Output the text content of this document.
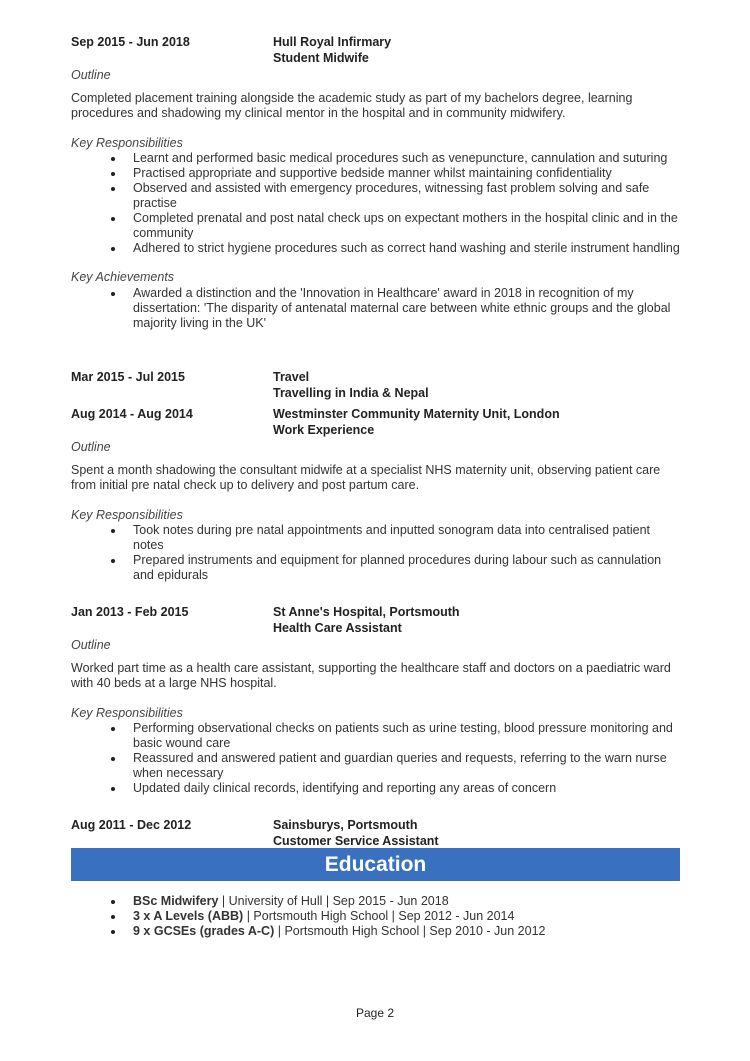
Sep 2015 - Jun 2018	Hull Royal Infirmary
Student Midwife
Outline
Completed placement training alongside the academic study as part of my bachelors degree, learning procedures and shadowing my clinical mentor in the hospital and in community midwifery.
Key Responsibilities
Learnt and performed basic medical procedures such as venepuncture, cannulation and suturing
Practised appropriate and supportive bedside manner whilst maintaining confidentiality
Observed and assisted with emergency procedures, witnessing fast problem solving and safe practise
Completed prenatal and post natal check ups on expectant mothers in the hospital clinic and in the community
Adhered to strict hygiene procedures such as correct hand washing and sterile instrument handling
Key Achievements
Awarded a distinction and the 'Innovation in Healthcare' award in 2018 in recognition of my dissertation: 'The disparity of antenatal maternal care between white ethnic groups and the global majority living in the UK'
Mar 2015 - Jul 2015	Travel
Travelling in India & Nepal
Aug 2014 - Aug 2014	Westminster Community Maternity Unit, London
Work Experience
Outline
Spent a month shadowing the consultant midwife at a specialist NHS maternity unit, observing patient care from initial pre natal check up to delivery and post partum care.
Key Responsibilities
Took notes during pre natal appointments and inputted sonogram data into centralised patient notes
Prepared instruments and equipment for planned procedures during labour such as cannulation and epidurals
Jan 2013 - Feb 2015	St Anne's Hospital, Portsmouth
Health Care Assistant
Outline
Worked part time as a health care assistant, supporting the healthcare staff and doctors on a paediatric ward with 40 beds at a large NHS hospital.
Key Responsibilities
Performing observational checks on patients such as urine testing, blood pressure monitoring and basic wound care
Reassured and answered patient and guardian queries and requests, referring to the warn nurse when necessary
Updated daily clinical records, identifying and reporting any areas of concern
Aug 2011 - Dec 2012	Sainsburys, Portsmouth
Customer Service Assistant
Education
BSc Midwifery | University of Hull | Sep 2015 - Jun 2018
3 x A Levels (ABB) | Portsmouth High School | Sep 2012 - Jun 2014
9 x GCSEs (grades A-C) | Portsmouth High School | Sep 2010 - Jun 2012
Page 2
